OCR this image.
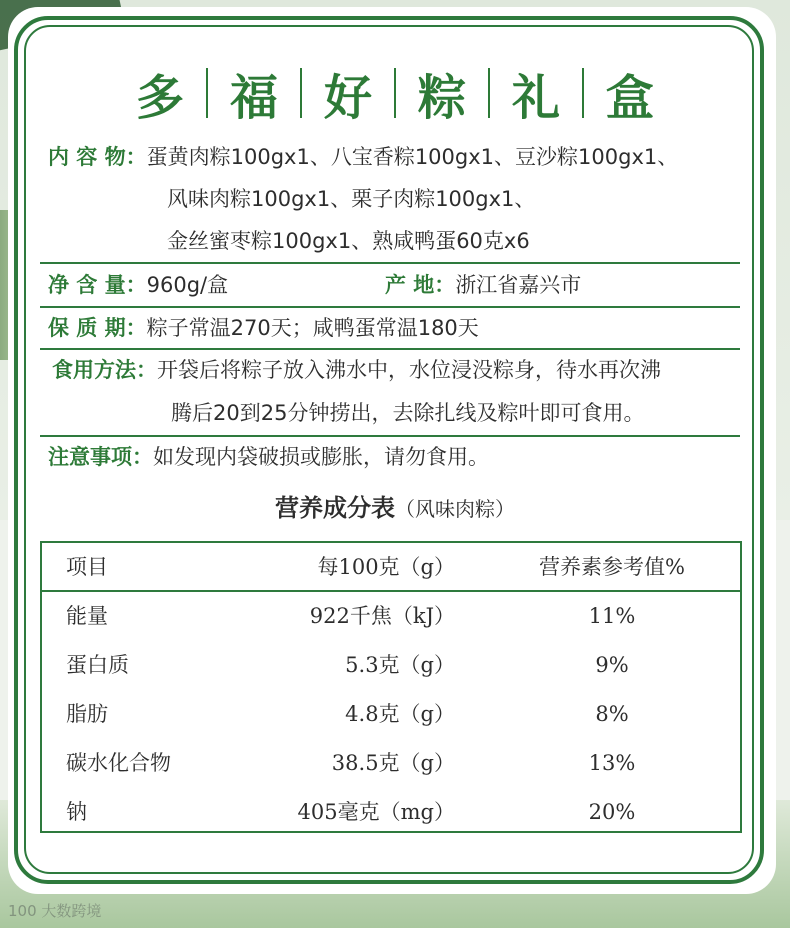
多 福 好 粽 礼 盒
内 容 物：蛋黄肉粽100gx1、八宝香粽100gx1、豆沙粽100gx1、
风味肉粽100gx1、栗子肉粽100gx1、
金丝蜜枣粽100gx1、熟咸鸭蛋60克x6
净 含 量：960g/盒	产 地：浙江省嘉兴市
保 质 期：粽子常温270天；咸鸭蛋常温180天
食用方法：开袋后将粽子放入沸水中，水位浸没粽身，待水再次沸
腾后20到25分钟捞出，去除扎线及粽叶即可食用。
注意事项：如发现内袋破损或膨胀，请勿食用。
营养成分表（风味肉粽）
项目	每100克（g）	营养素参考值%
能量	922千焦（kJ）	11%
蛋白质	5.3克（g）	9%
脂肪	4.8克（g）	8%
碳水化合物	38.5克（g）	13%
钠	405毫克（mg）	20%
100 大数跨境
